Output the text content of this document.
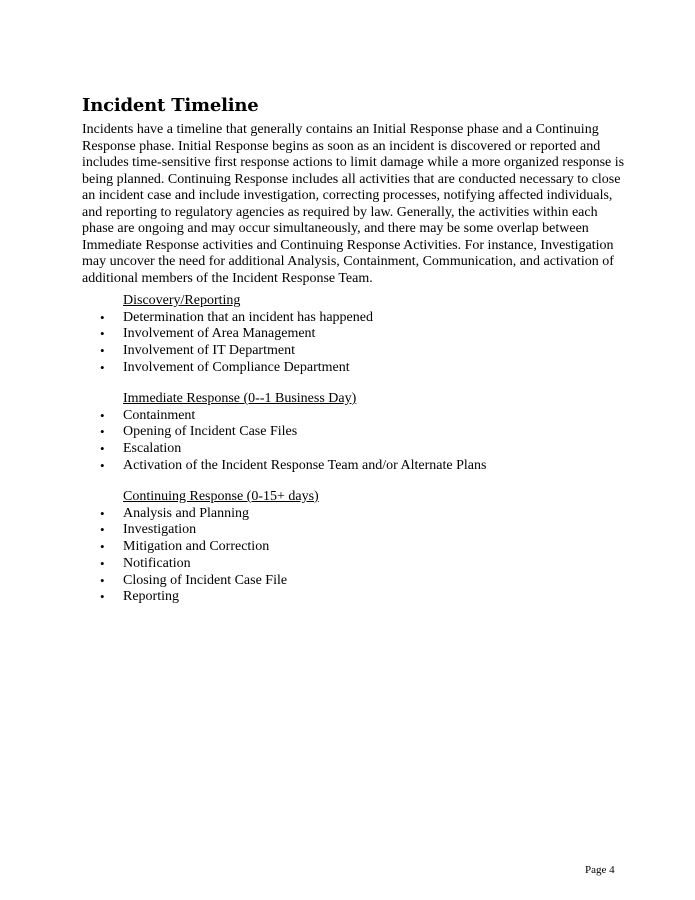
Incident Timeline

Incidents have a timeline that generally contains an Initial Response phase and a Continuing
Response phase. Initial Response begins as soon as an incident is discovered or reported and
includes time-sensitive first response actions to limit damage while a more organized response is
being planned. Continuing Response includes all activities that are conducted necessary to close
an incident case and include investigation, correcting processes, notifying affected individuals,
and reporting to regulatory agencies as required by law. Generally, the activities within each
phase are ongoing and may occur simultaneously, and there may be some overlap between
Immediate Response activities and Continuing Response Activities. For instance, Investigation
may uncover the need for additional Analysis, Containment, Communication, and activation of
additional members of the Incident Response Team.

Discovery/Reporting
•	Determination that an incident has happened
•	Involvement of Area Management
•	Involvement of IT Department
•	Involvement of Compliance Department
Immediate Response (0--1 Business Day)
•	Containment
•	Opening of Incident Case Files
•	Escalation
•	Activation of the Incident Response Team and/or Alternate Plans
Continuing Response (0-15+ days)
•	Analysis and Planning
•	Investigation
•	Mitigation and Correction
•	Notification
•	Closing of Incident Case File
•	Reporting
Page 4
